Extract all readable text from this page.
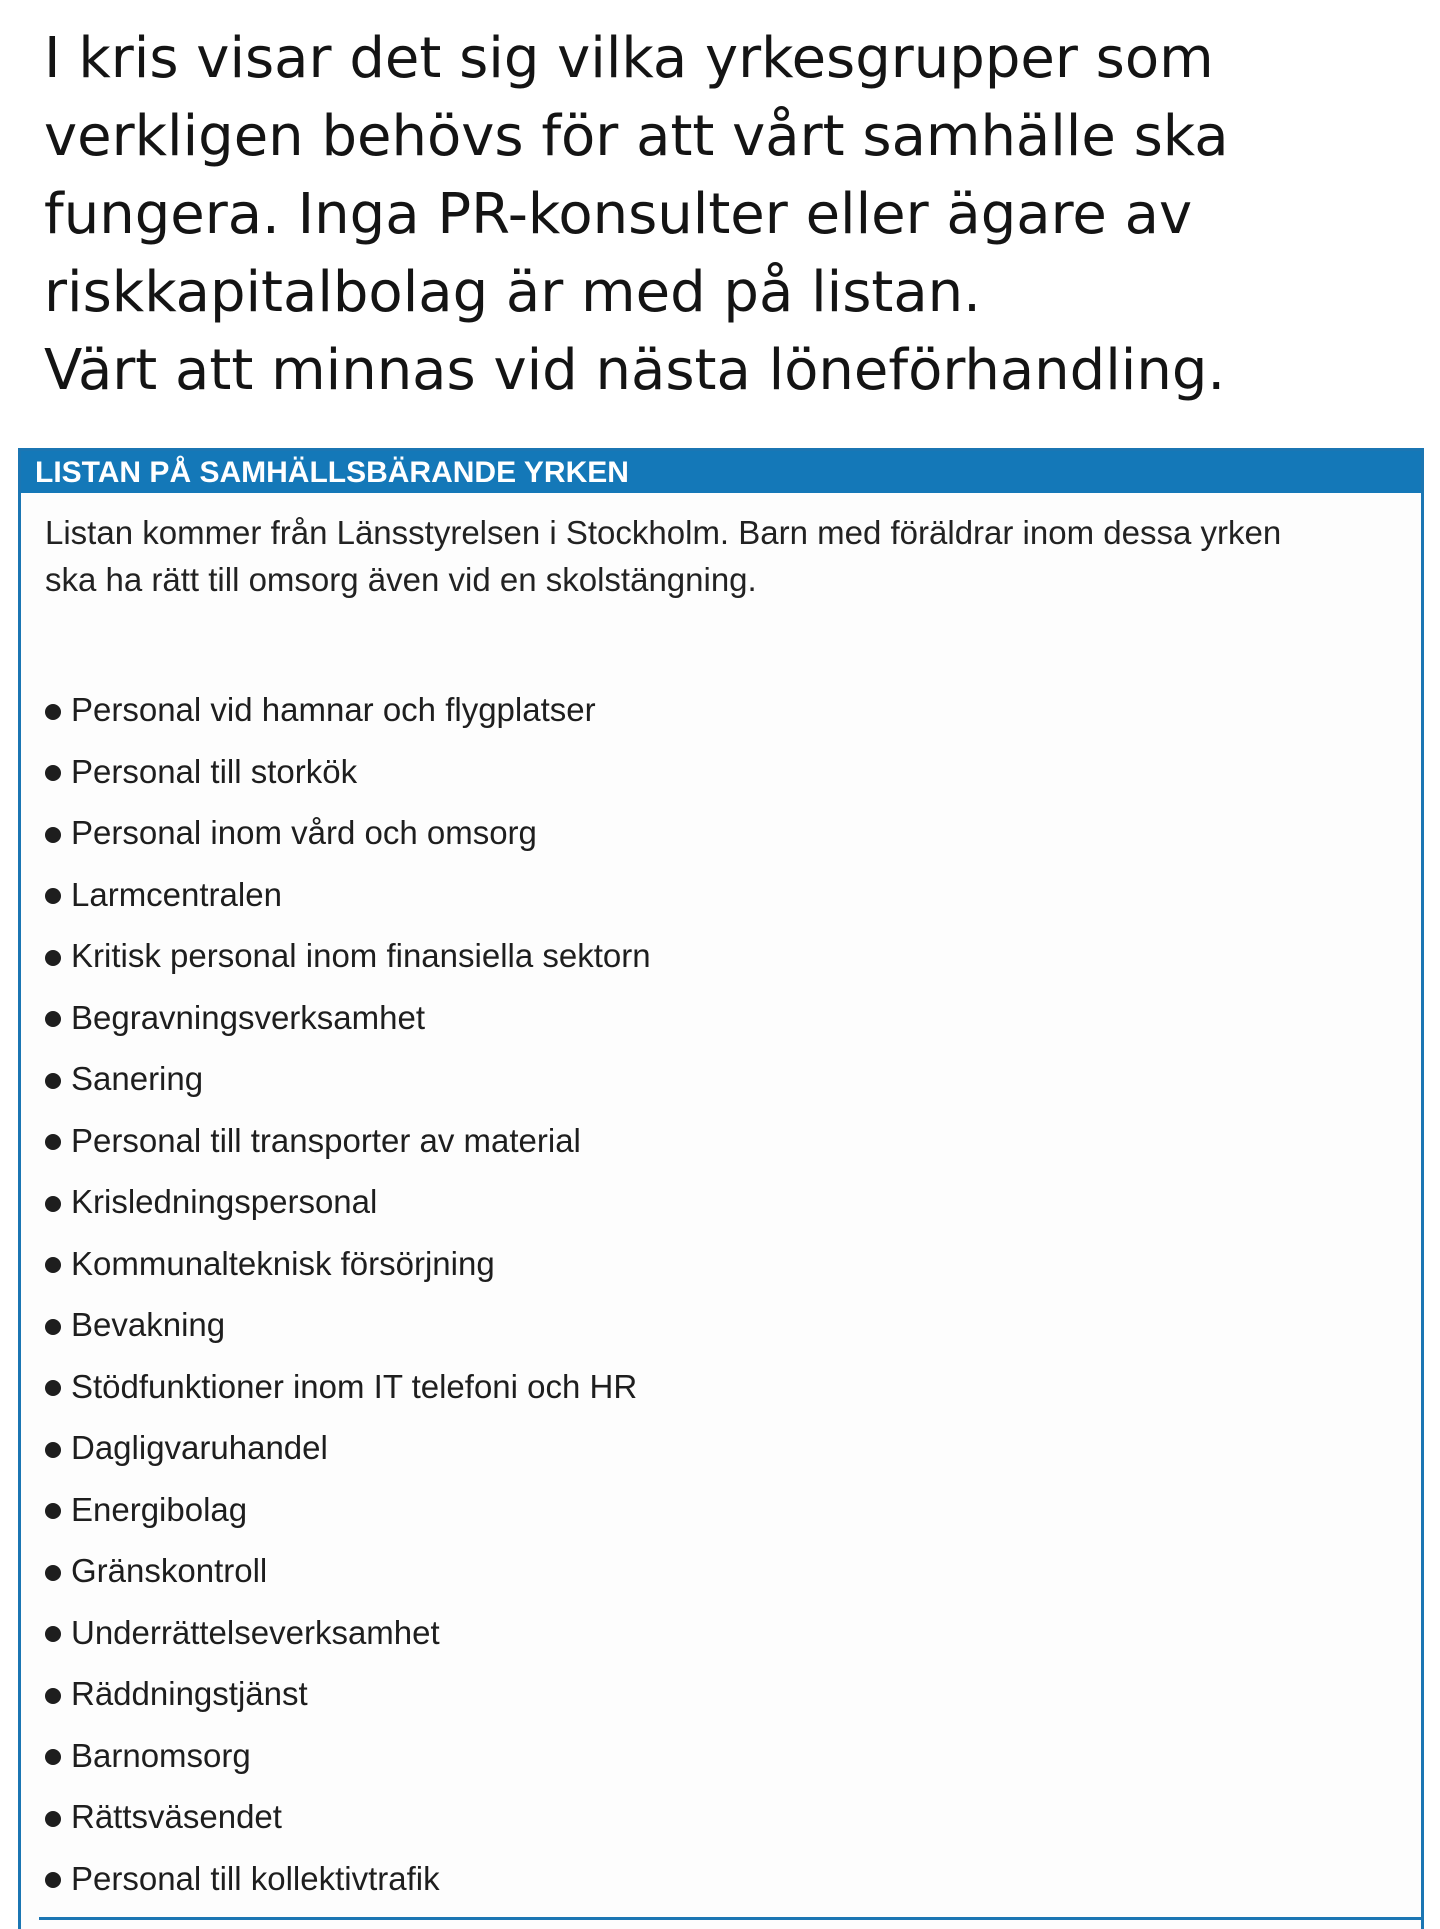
I kris visar det sig vilka yrkesgrupper som
verkligen behövs för att vårt samhälle ska
fungera. Inga PR-konsulter eller ägare av
riskkapitalbolag är med på listan.
Värt att minnas vid nästa löneförhandling.
LISTAN PÅ SAMHÄLLSBÄRANDE YRKEN
Listan kommer från Länsstyrelsen i Stockholm. Barn med föräldrar inom dessa yrken
ska ha rätt till omsorg även vid en skolstängning.
Personal vid hamnar och flygplatser
Personal till storkök
Personal inom vård och omsorg
Larmcentralen
Kritisk personal inom finansiella sektorn
Begravningsverksamhet
Sanering
Personal till transporter av material
Krisledningspersonal
Kommunalteknisk försörjning
Bevakning
Stödfunktioner inom IT telefoni och HR
Dagligvaruhandel
Energibolag
Gränskontroll
Underrättelseverksamhet
Räddningstjänst
Barnomsorg
Rättsväsendet
Personal till kollektivtrafik
